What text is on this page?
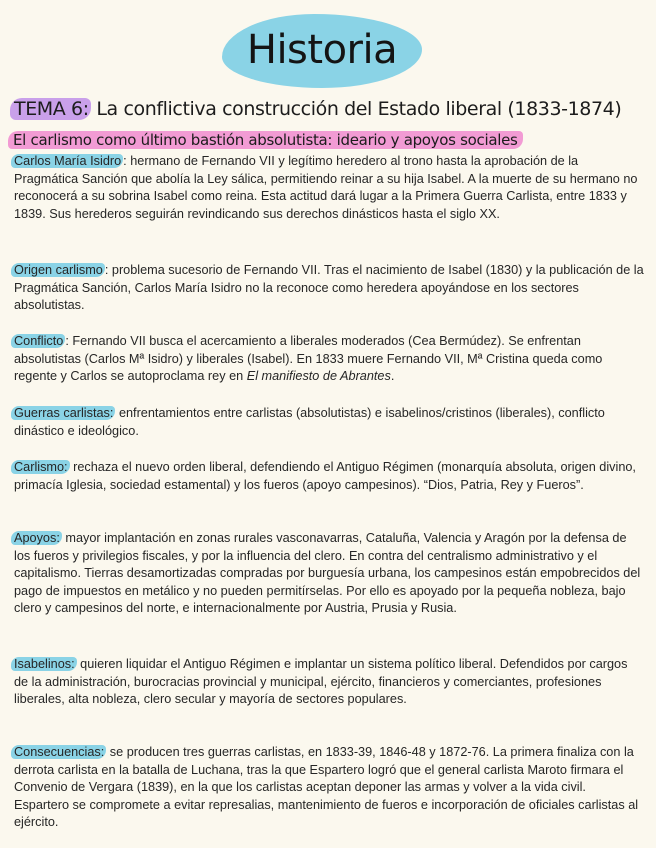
Historia
TEMA 6: La conflictiva construcción del Estado liberal (1833-1874)
El carlismo como último bastión absolutista: ideario y apoyos sociales

Carlos María Isidro : hermano de Fernando VII y legítimo heredero al trono hasta la aprobación de la Pragmática Sanción que abolía la Ley sálica, permitiendo reinar a su hija Isabel. A la muerte de su hermano no reconocerá a su sobrina Isabel como reina. Esta actitud dará lugar a la Primera Guerra Carlista, entre 1833 y 1839. Sus herederos seguirán revindicando sus derechos dinásticos hasta el siglo XX.

Origen carlismo : problema sucesorio de Fernando VII. Tras el nacimiento de Isabel (1830) y la publicación de la Pragmática Sanción, Carlos María Isidro no la reconoce como heredera apoyándose en los sectores absolutistas.

Conflicto : Fernando VII busca el acercamiento a liberales moderados (Cea Bermúdez). Se enfrentan absolutistas (Carlos Mª Isidro) y liberales (Isabel). En 1833 muere Fernando VII, Mª Cristina queda como regente y Carlos se autoproclama rey en El manifiesto de Abrantes.

Guerras carlistas: enfrentamientos entre carlistas (absolutistas) e isabelinos/cristinos (liberales), conflicto dinástico e ideológico.

Carlismo: rechaza el nuevo orden liberal, defendiendo el Antiguo Régimen (monarquía absoluta, origen divino, primacía Iglesia, sociedad estamental) y los fueros (apoyo campesinos). “Dios, Patria, Rey y Fueros”.

Apoyos: mayor implantación en zonas rurales vasconavarras, Cataluña, Valencia y Aragón por la defensa de los fueros y privilegios fiscales, y por la influencia del clero. En contra del centralismo administrativo y el capitalismo. Tierras desamortizadas compradas por burguesía urbana, los campesinos están empobrecidos del pago de impuestos en metálico y no pueden permitírselas. Por ello es apoyado por la pequeña nobleza, bajo clero y campesinos del norte, e internacionalmente por Austria, Prusia y Rusia.

Isabelinos: quieren liquidar el Antiguo Régimen e implantar un sistema político liberal. Defendidos por cargos de la administración, burocracias provincial y municipal, ejército, financieros y comerciantes, profesiones liberales, alta nobleza, clero secular y mayoría de sectores populares.

Consecuencias: se producen tres guerras carlistas, en 1833-39, 1846-48 y 1872-76. La primera finaliza con la derrota carlista en la batalla de Luchana, tras la que Espartero logró que el general carlista Maroto firmara el Convenio de Vergara (1839), en la que los carlistas aceptan deponer las armas y volver a la vida civil. Espartero se compromete a evitar represalias, mantenimiento de fueros e incorporación de oficiales carlistas al ejército.
